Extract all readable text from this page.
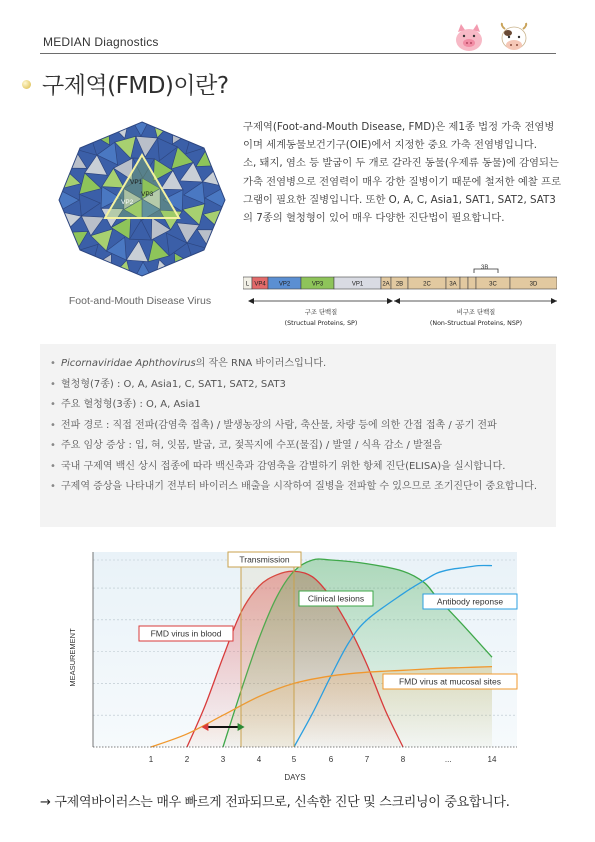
MEDIAN Diagnostics
구제역(FMD)이란?
VP1
VP3
VP2
Foot-and-Mouth Disease Virus

구제역(Foot-and-Mouth Disease, FMD)은 제1종 법정 가축 전염병이며 세계동물보건기구(OIE)에서 지정한 중요 가축 전염병입니다.

소, 돼지, 염소 등 발굽이 두 개로 갈라진 동물(우제류 동물)에 감염되는 가축 전염병으로 전염력이 매우 강한 질병이기 때문에 철저한 예찰 프로그램이 필요한 질병입니다. 또한 O, A, C, Asia1, SAT1, SAT2, SAT3의 7종의 혈청형이 있어 매우 다양한 진단법이 필요합니다.

L VP4 VP2	VP3	VP1	2A 2B	2C	3A	3C	3D
3B
구조 단백질
(Structual Proteins, SP)
비구조 단백질
(Non-Structual Proteins, NSP)
• Picornaviridae Aphthovirus의 작은 RNA 바이러스입니다.
• 혈청형(7종) : O, A, Asia1, C, SAT1, SAT2, SAT3
• 주요 혈청형(3종) : O, A, Asia1
• 전파 경로 : 직접 전파(감염축 접촉) / 발생농장의 사람, 축산물, 차량 등에 의한 간접 접촉 / 공기 전파
• 주요 임상 증상 : 입, 혀, 잇몸, 발굽, 코, 젖꼭지에 수포(물집) / 발열 / 식욕 감소 / 발절음
• 국내 구제역 백신 상시 접종에 따라 백신축과 감염축을 감별하기 위한 항체 진단(ELISA)을 실시합니다.
• 구제역 증상을 나타내기 전부터 바이러스 배출을 시작하여 질병을 전파할 수 있으므로 조기진단이 중요합니다.
1	2	3	4	5	6	7	8	...	14
DAYS
MEASUREMENT	FMD virus in blood
Clinical lesions	Antibody reponse
FMD virus at mucosal sites
Transmission
→ 구제역바이러스는 매우 빠르게 전파되므로, 신속한 진단 및 스크리닝이 중요합니다.
